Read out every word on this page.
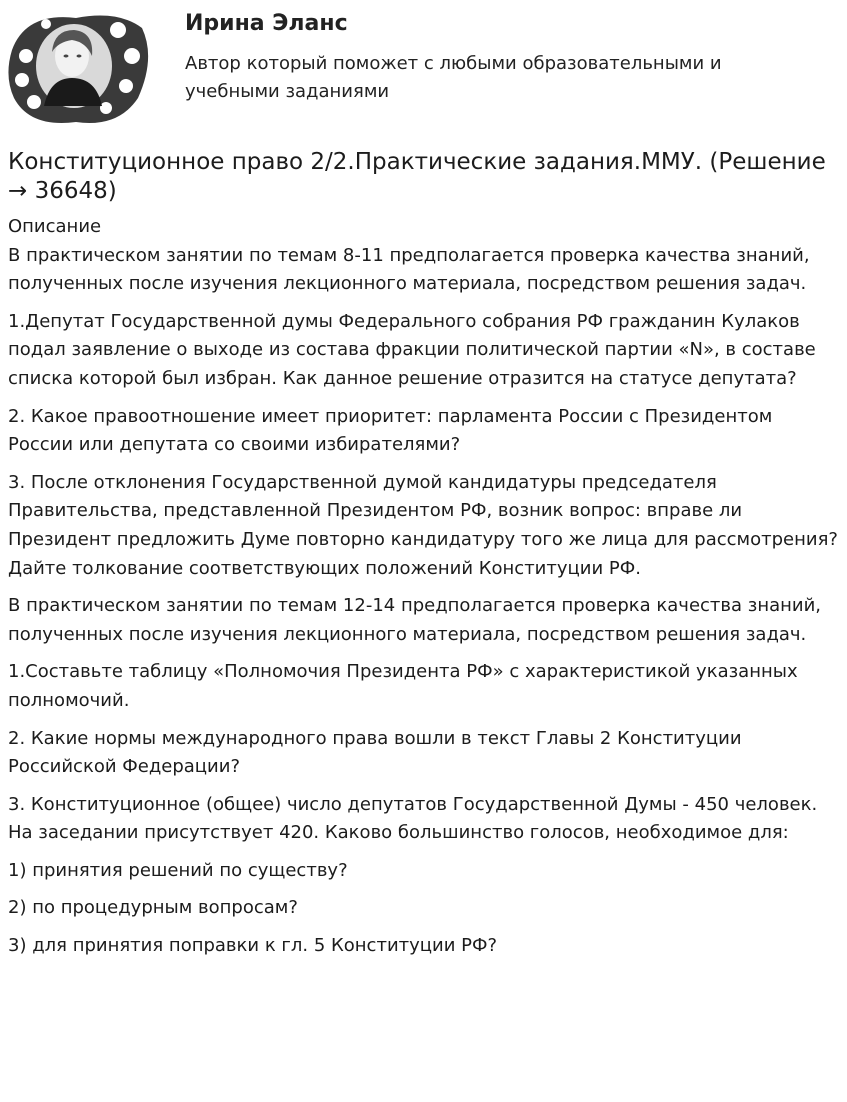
Ирина Эланс
Автор который поможет с любыми образовательными и учебными заданиями
Конституционное право 2/2.Практические задания.ММУ. (Решение → 36648)
Описание
В практическом занятии по темам 8-11 предполагается проверка качества знаний, полученных после изучения лекционного материала, посредством решения задач.
1.Депутат Государственной думы Федерального собрания РФ гражданин Кулаков подал заявление о выходе из состава фракции политической партии «N», в составе списка которой был избран. Как данное решение отразится на статусе депутата?
2. Какое правоотношение имеет приоритет: парламента России с Президентом России или депутата со своими избирателями?
3. После отклонения Государственной думой кандидатуры председателя Правительства, представленной Президентом РФ, возник вопрос: вправе ли Президент предложить Думе повторно кандидатуру того же лица для рассмотрения? Дайте толкование соответствующих положений Конституции РФ.
В практическом занятии по темам 12-14 предполагается проверка качества знаний, полученных после изучения лекционного материала, посредством решения задач.
1.Составьте таблицу «Полномочия Президента РФ» с характеристикой указанных полномочий.
2. Какие нормы международного права вошли в текст Главы 2 Конституции Российской Федерации?
3. Конституционное (общее) число депутатов Государственной Думы - 450 человек. На заседании присутствует 420. Каково большинство голосов, необходимое для:
1) принятия решений по существу?
2) по процедурным вопросам?
3) для принятия поправки к гл. 5 Конституции РФ?
